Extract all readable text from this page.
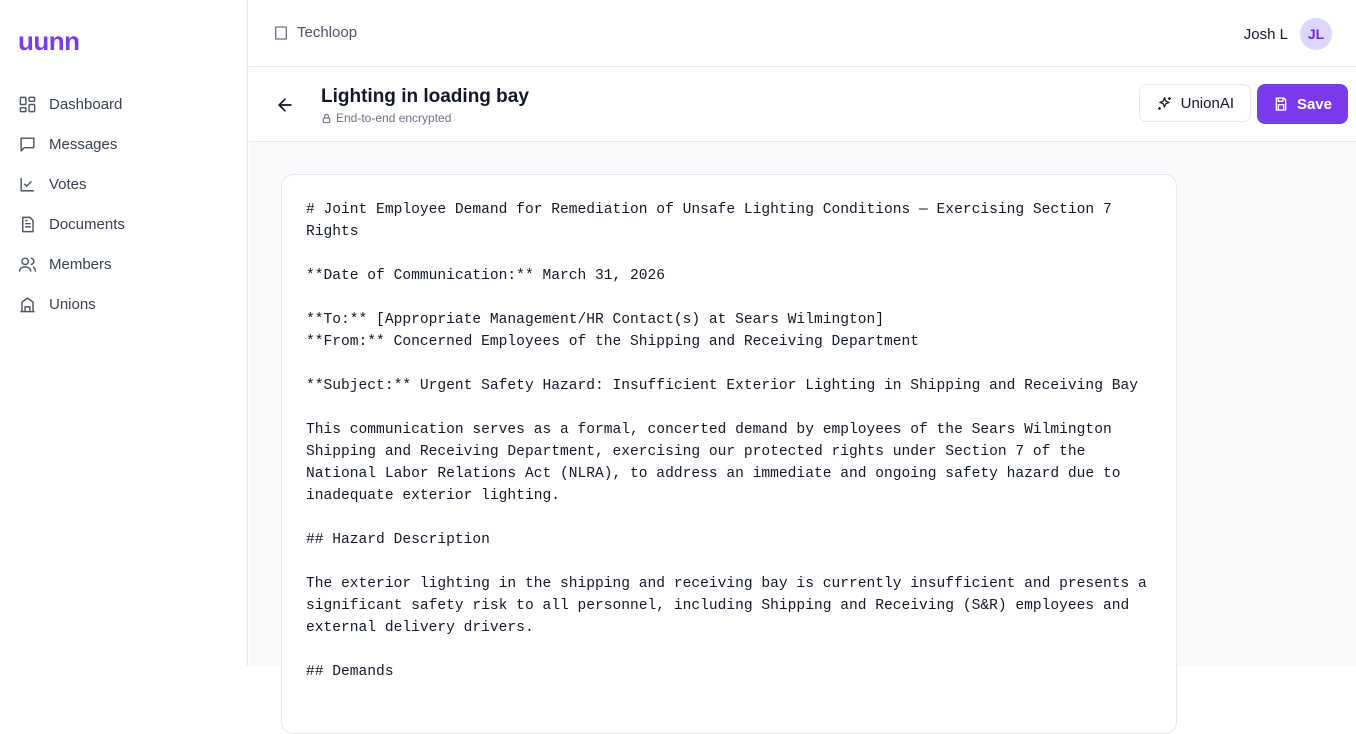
uunn
Dashboard
Messages
Votes
Documents
Members
Unions
Techloop	Josh L	JL
Lighting in loading bay
End-to-end encrypted
UnionAI	Save
# Joint Employee Demand for Remediation of Unsafe Lighting Conditions — Exercising Section 7 Rights

**Date of Communication:** March 31, 2026

**To:** [Appropriate Management/HR Contact(s) at Sears Wilmington]
**From:** Concerned Employees of the Shipping and Receiving Department

**Subject:** Urgent Safety Hazard: Insufficient Exterior Lighting in Shipping and Receiving Bay

This communication serves as a formal, concerted demand by employees of the Sears Wilmington Shipping and Receiving Department, exercising our protected rights under Section 7 of the National Labor Relations Act (NLRA), to address an immediate and ongoing safety hazard due to inadequate exterior lighting.

## Hazard Description

The exterior lighting in the shipping and receiving bay is currently insufficient and presents a significant safety risk to all personnel, including Shipping and Receiving (S&R) employees and external delivery drivers.

## Demands
